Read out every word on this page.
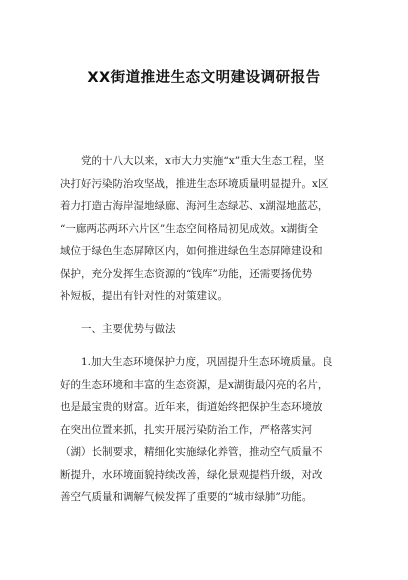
XX街道推进生态文明建设调研报告
党的十八大以来，x市大力实施“x”重大生态工程，坚
决打好污染防治攻坚战，推进生态环境质量明显提升。x区
着力打造古海岸湿地绿廊、海河生态绿芯、x湖湿地蓝芯，
“一廊两芯两环六片区”生态空间格局初见成效。x湖街全
域位于绿色生态屏障区内，如何推进绿色生态屏障建设和
保护，充分发挥生态资源的“钱库”功能，还需要扬优势
补短板，提出有针对性的对策建议。
一、主要优势与做法
1.加大生态环境保护力度，巩固提升生态环境质量。良
好的生态环境和丰富的生态资源，是x湖街最闪亮的名片，
也是最宝贵的财富。近年来，街道始终把保护生态环境放
在突出位置来抓，扎实开展污染防治工作，严格落实河
（湖）长制要求，精细化实施绿化养管，推动空气质量不
断提升，水环境面貌持续改善，绿化景观提档升级，对改
善空气质量和调解气候发挥了重要的“城市绿肺”功能。
